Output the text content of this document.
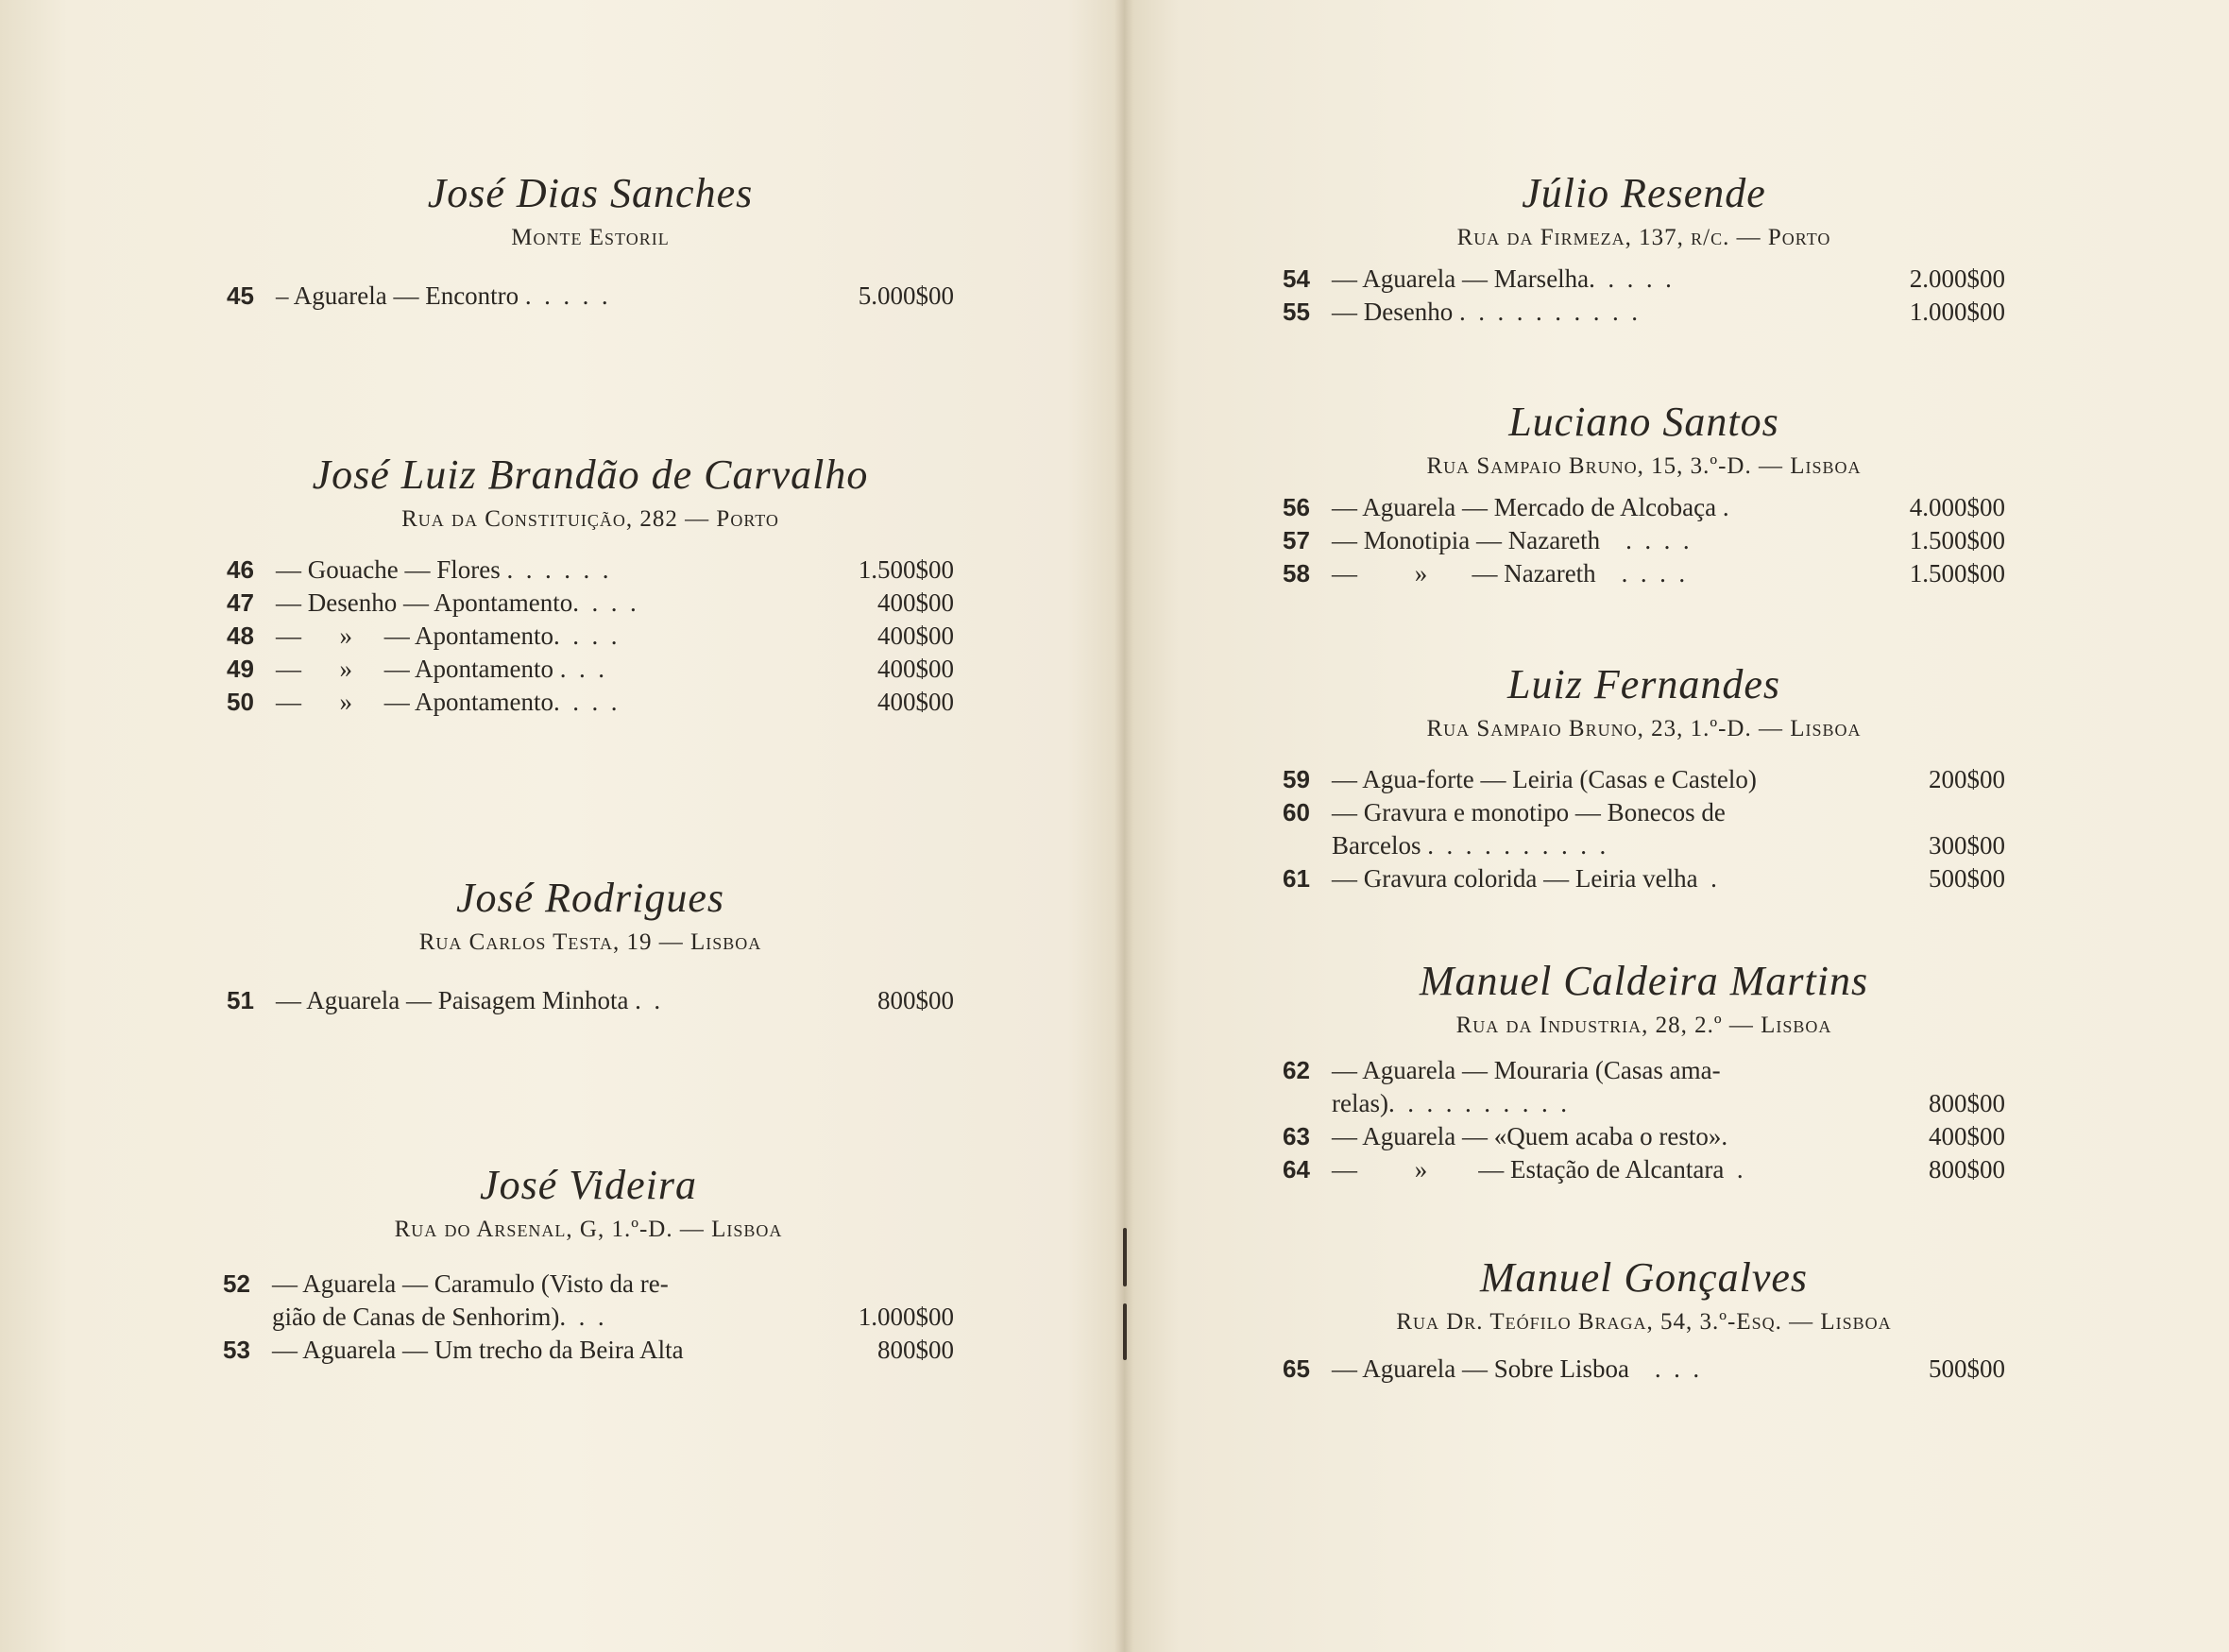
José Dias Sanches

Monte Estoril

45 – Aguarela — Encontro .  .  .  .  .	5.000$00

José Luiz Brandão de Carvalho

Rua da Constituição, 282 — Porto

46 — Gouache — Flores .  .  .  .  .  .	1.500$00
47 — Desenho — Apontamento.  .  .  .	400$00
48 —      »     — Apontamento.  .  .  .	400$00
49 —      »     — Apontamento .  .  .	400$00
50 —      »     — Apontamento.  .  .  .	400$00

José Rodrigues

Rua Carlos Testa, 19 — Lisboa

51 — Aguarela — Paisagem Minhota .  .	800$00

José Videira

Rua do Arsenal, G, 1.º-D. — Lisboa

52 — Aguarela — Caramulo (Visto da re-
gião de Canas de Senhorim).  .  .	1.000$00
53 — Aguarela — Um trecho da Beira Alta	800$00

Júlio Resende

Rua da Firmeza, 137, r/c. — Porto

54 — Aguarela — Marselha.  .  .  .  .	2.000$00
55 — Desenho .  .  .  .  .  .  .  .  .  .	1.000$00

Luciano Santos

Rua Sampaio Bruno, 15, 3.º-D. — Lisboa

56 — Aguarela — Mercado de Alcobaça .	4.000$00
57 — Monotipia — Nazareth    .  .  .  .	1.500$00
58 —         »       — Nazareth    .  .  .  .	1.500$00

Luiz Fernandes

Rua Sampaio Bruno, 23, 1.º-D. — Lisboa

59 — Agua-forte — Leiria (Casas e Castelo)	200$00
60 — Gravura e monotipo — Bonecos de
Barcelos .  .  .  .  .  .  .  .  .  .	300$00
61 — Gravura colorida — Leiria velha  .	500$00

Manuel Caldeira Martins

Rua da Industria, 28, 2.º — Lisboa

62 — Aguarela — Mouraria (Casas ama-
relas).  .  .  .  .  .  .  .  .  .	800$00
63 — Aguarela — «Quem acaba o resto».	400$00
64 —         »        — Estação de Alcantara  .	800$00

Manuel Gonçalves

Rua Dr. Teófilo Braga, 54, 3.º-Esq. — Lisboa

65 — Aguarela — Sobre Lisboa    .  .  .	500$00
